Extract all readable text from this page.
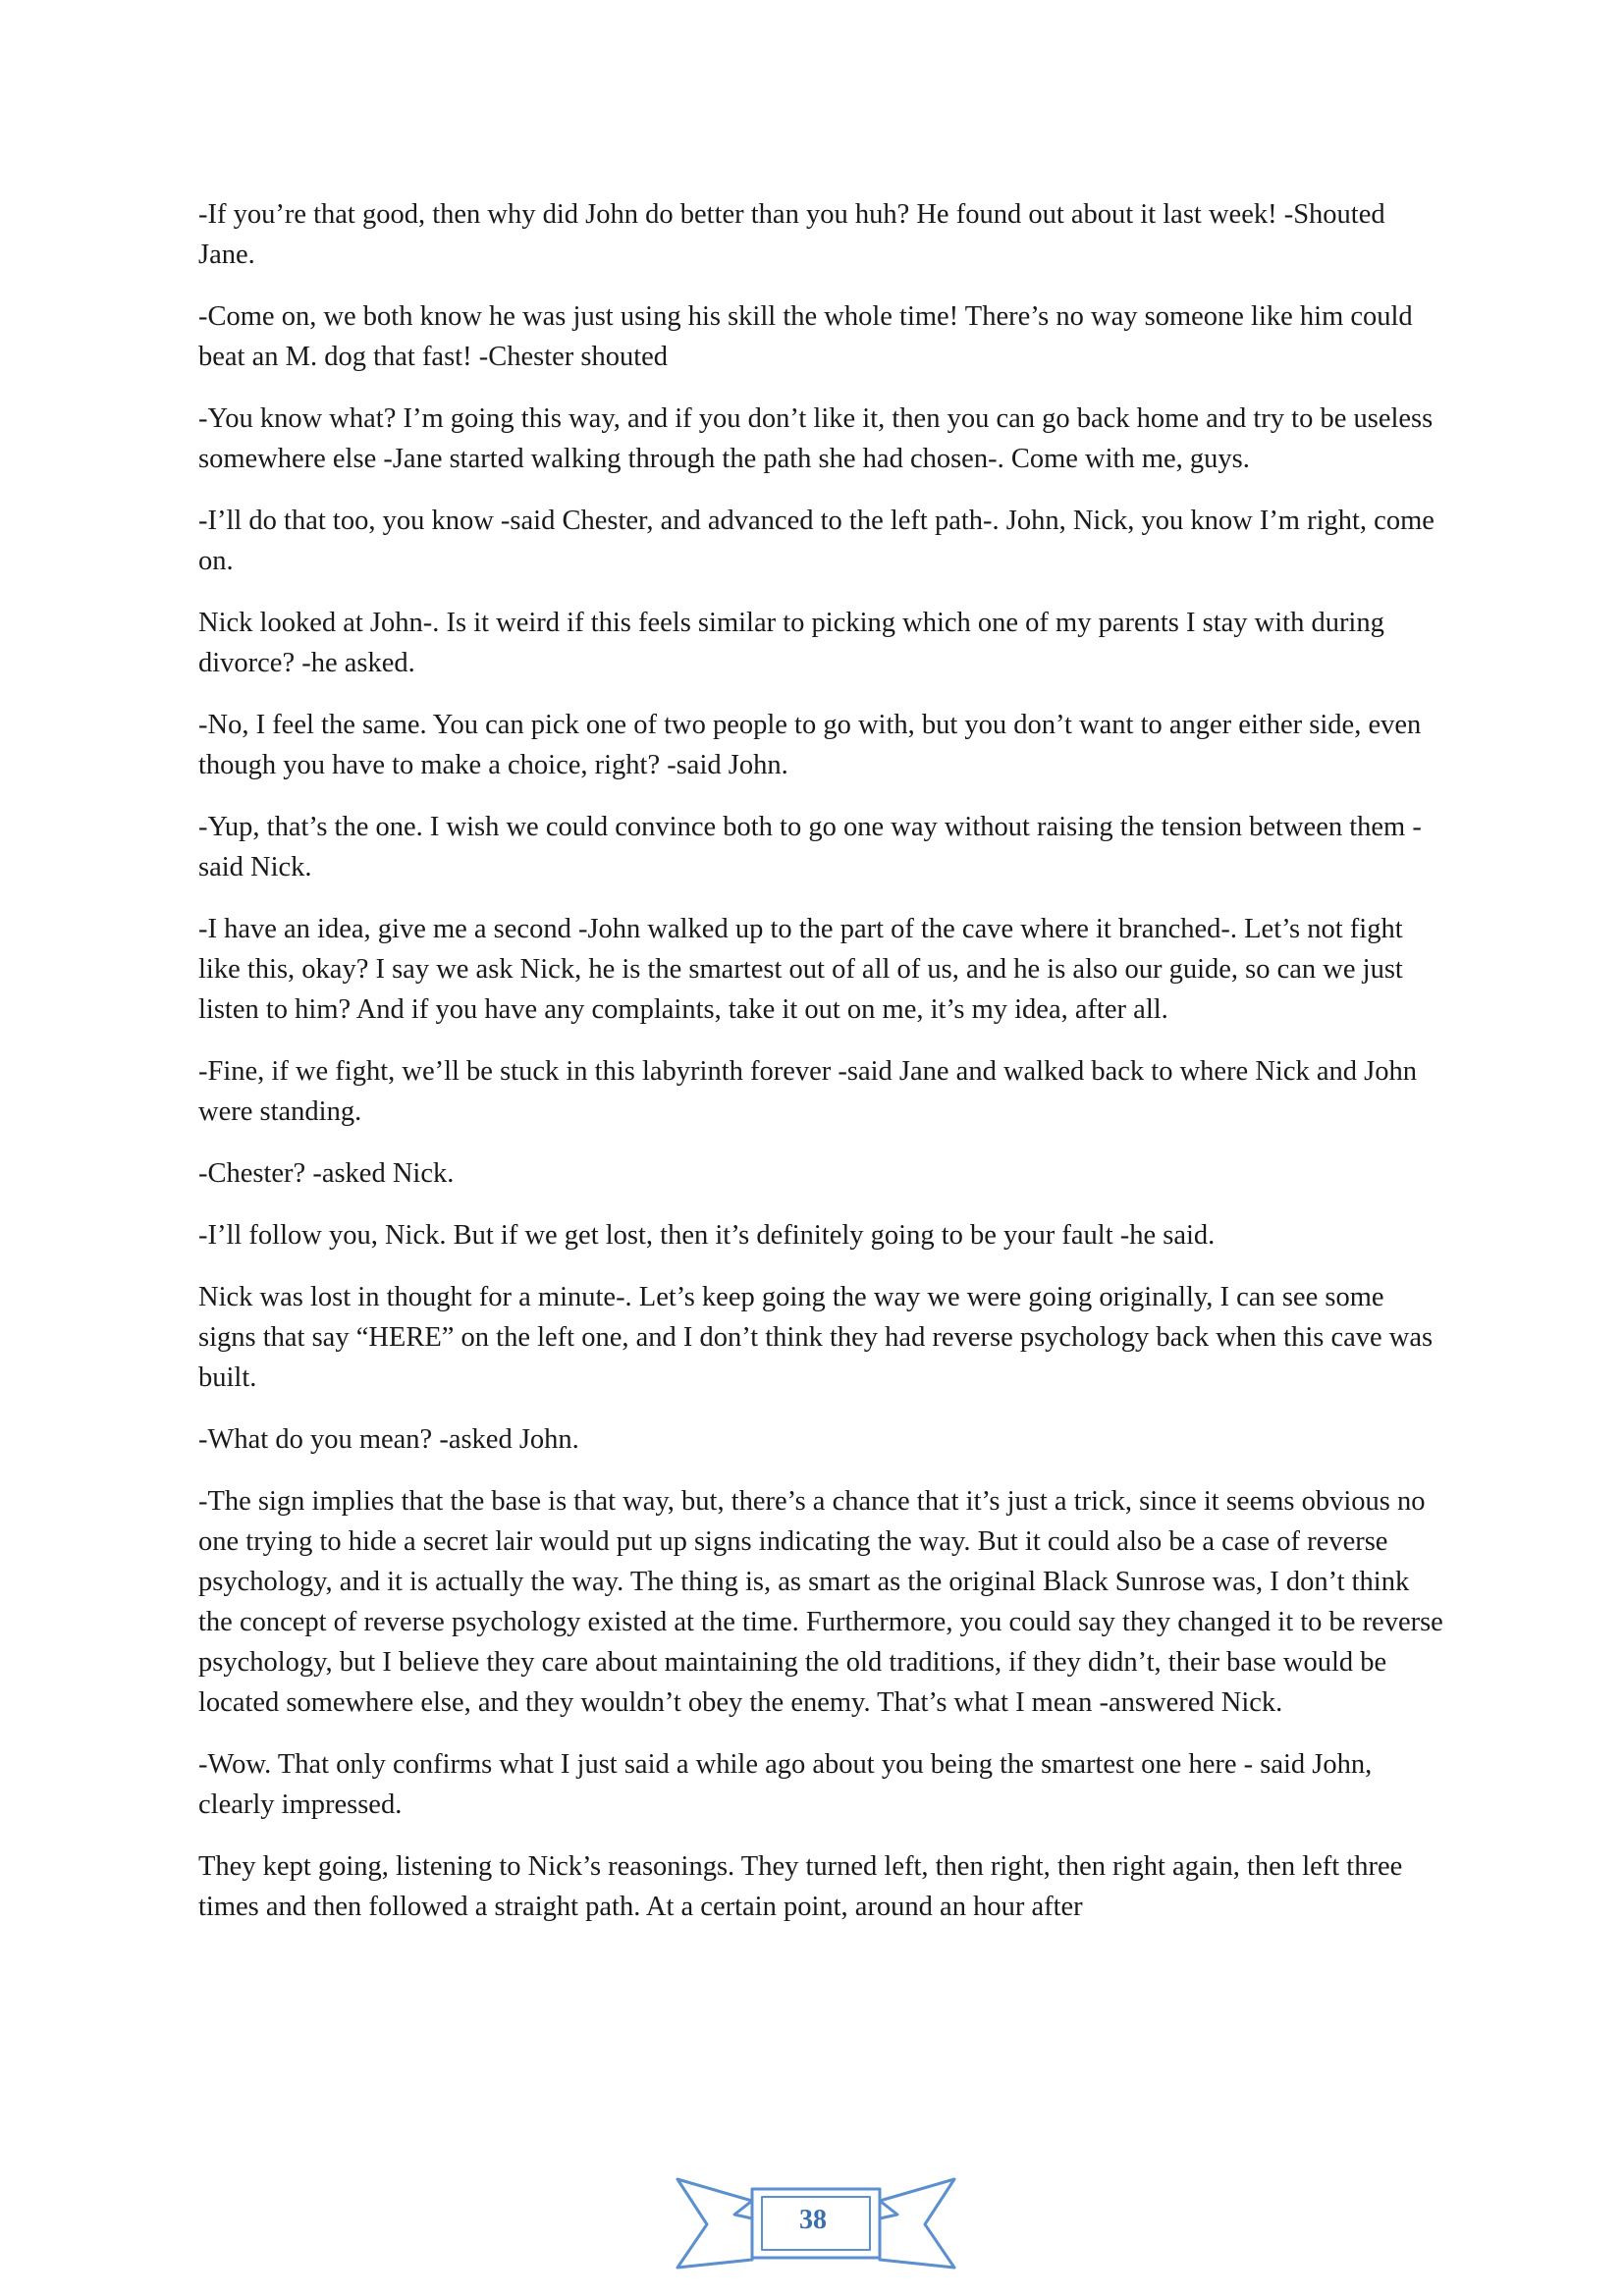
-If you’re that good, then why did John do better than you huh? He found out about it last week! -Shouted Jane.

-Come on, we both know he was just using his skill the whole time! There’s no way someone like him could beat an M. dog that fast! -Chester shouted

-You know what? I’m going this way, and if you don’t like it, then you can go back home and try to be useless somewhere else -Jane started walking through the path she had chosen-. Come with me, guys.

-I’ll do that too, you know -said Chester, and advanced to the left path-. John, Nick, you know I’m right, come on.

Nick looked at John-. Is it weird if this feels similar to picking which one of my parents I stay with during divorce? -he asked.

-No, I feel the same. You can pick one of two people to go with, but you don’t want to anger either side, even though you have to make a choice, right? -said John.

-Yup, that’s the one. I wish we could convince both to go one way without raising the tension between them -said Nick.

-I have an idea, give me a second -John walked up to the part of the cave where it branched-. Let’s not fight like this, okay? I say we ask Nick, he is the smartest out of all of us, and he is also our guide, so can we just listen to him? And if you have any complaints, take it out on me, it’s my idea, after all.

-Fine, if we fight, we’ll be stuck in this labyrinth forever -said Jane and walked back to where Nick and John were standing.

-Chester? -asked Nick.

-I’ll follow you, Nick. But if we get lost, then it’s definitely going to be your fault -he said.

Nick was lost in thought for a minute-. Let’s keep going the way we were going originally, I can see some signs that say “HERE” on the left one, and I don’t think they had reverse psychology back when this cave was built.

-What do you mean? -asked John.

-The sign implies that the base is that way, but, there’s a chance that it’s just a trick, since it seems obvious no one trying to hide a secret lair would put up signs indicating the way. But it could also be a case of reverse psychology, and it is actually the way. The thing is, as smart as the original Black Sunrose was, I don’t think the concept of reverse psychology existed at the time. Furthermore, you could say they changed it to be reverse psychology, but I believe they care about maintaining the old traditions, if they didn’t, their base would be located somewhere else, and they wouldn’t obey the enemy. That’s what I mean -answered Nick.

-Wow. That only confirms what I just said a while ago about you being the smartest one here - said John, clearly impressed.

They kept going, listening to Nick’s reasonings. They turned left, then right, then right again, then left three times and then followed a straight path. At a certain point, around an hour after

38
